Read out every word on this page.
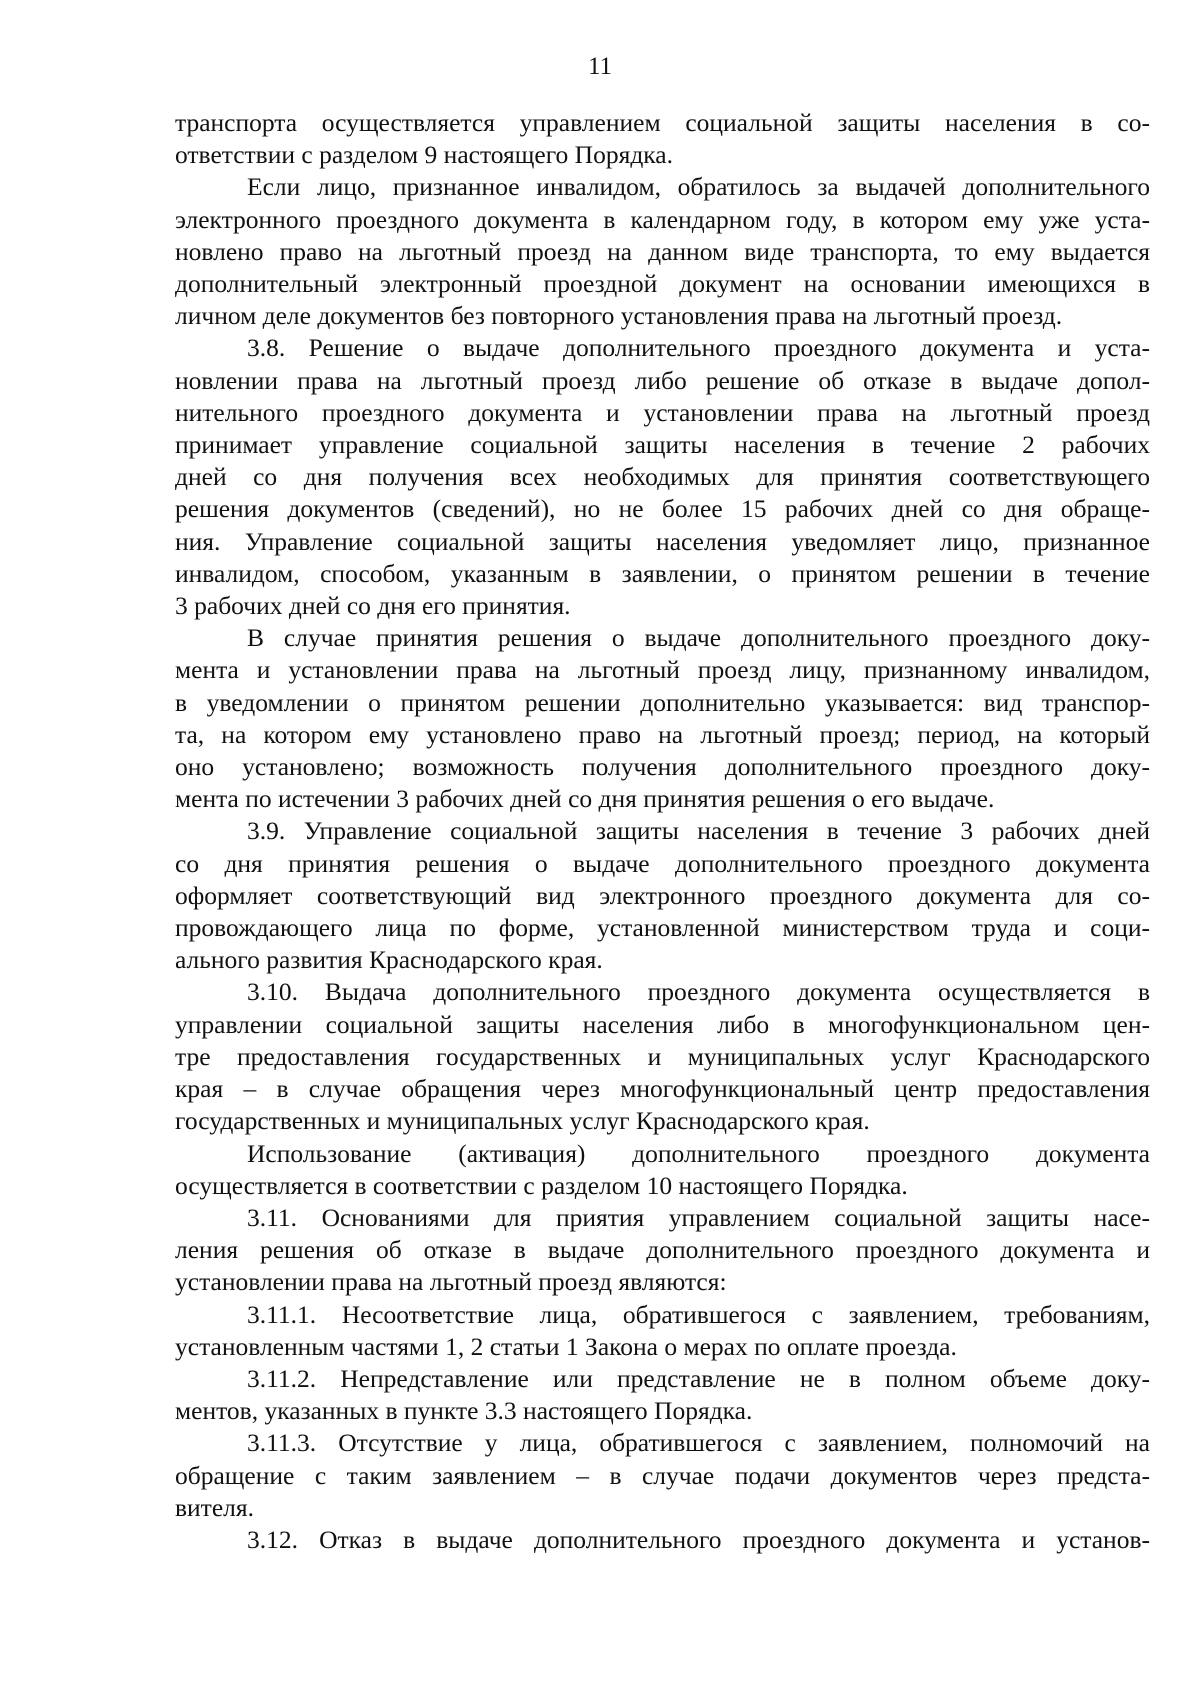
11

транспорта осуществляется управлением социальной защиты населения в со-
ответствии с разделом 9 настоящего Порядка.

Если лицо, признанное инвалидом, обратилось за выдачей дополнительного
электронного проездного документа в календарном году, в котором ему уже уста-
новлено право на льготный проезд на данном виде транспорта, то ему выдается
дополнительный электронный проездной документ на основании имеющихся в
личном деле документов без повторного установления права на льготный проезд.

3.8. Решение о выдаче дополнительного проездного документа и уста-
новлении права на льготный проезд либо решение об отказе в выдаче допол-
нительного проездного документа и установлении права на льготный проезд
принимает управление социальной защиты населения в течение 2 рабочих
дней со дня получения всех необходимых для принятия соответствующего
решения документов (сведений), но не более 15 рабочих дней со дня обраще-
ния. Управление социальной защиты населения уведомляет лицо, признанное
инвалидом, способом, указанным в заявлении, о принятом решении в течение
3 рабочих дней со дня его принятия.

В случае принятия решения о выдаче дополнительного проездного доку-
мента и установлении права на льготный проезд лицу, признанному инвалидом,
в уведомлении о принятом решении дополнительно указывается: вид транспор-
та, на котором ему установлено право на льготный проезд; период, на который
оно установлено; возможность получения дополнительного проездного доку-
мента по истечении 3 рабочих дней со дня принятия решения о его выдаче.

3.9. Управление социальной защиты населения в течение 3 рабочих дней
со дня принятия решения о выдаче дополнительного проездного документа
оформляет соответствующий вид электронного проездного документа для со-
провождающего лица по форме, установленной министерством труда и соци-
ального развития Краснодарского края.

3.10. Выдача дополнительного проездного документа осуществляется в
управлении социальной защиты населения либо в многофункциональном цен-
тре предоставления государственных и муниципальных услуг Краснодарского
края – в случае обращения через многофункциональный центр предоставления
государственных и муниципальных услуг Краснодарского края.

Использование (активация) дополнительного проездного документа
осуществляется в соответствии с разделом 10 настоящего Порядка.

3.11. Основаниями для приятия управлением социальной защиты насе-
ления решения об отказе в выдаче дополнительного проездного документа и
установлении права на льготный проезд являются:

3.11.1. Несоответствие лица, обратившегося с заявлением, требованиям,
установленным частями 1, 2 статьи 1 Закона о мерах по оплате проезда.

3.11.2. Непредставление или представление не в полном объеме доку-
ментов, указанных в пункте 3.3 настоящего Порядка.

3.11.3. Отсутствие у лица, обратившегося с заявлением, полномочий на
обращение с таким заявлением – в случае подачи документов через предста-
вителя.

3.12. Отказ в выдаче дополнительного проездного документа и установ-
